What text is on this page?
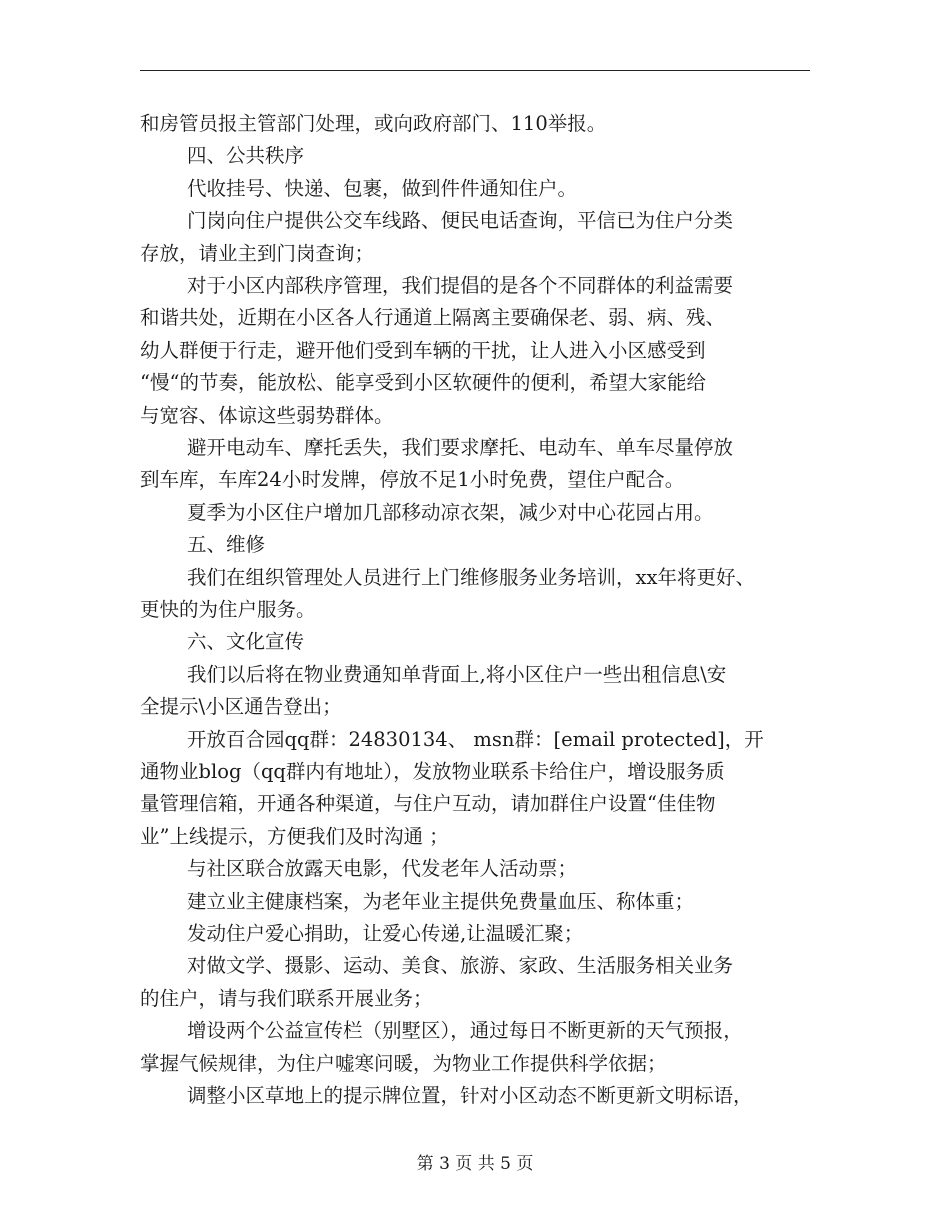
和房管员报主管部门处理，或向政府部门、110举报。
四、公共秩序
代收挂号、快递、包裹，做到件件通知住户。
门岗向住户提供公交车线路、便民电话查询，平信已为住户分类
存放，请业主到门岗查询；
对于小区内部秩序管理，我们提倡的是各个不同群体的利益需要
和谐共处，近期在小区各人行通道上隔离主要确保老、弱、病、残、
幼人群便于行走，避开他们受到车辆的干扰，让人进入小区感受到
“慢“的节奏，能放松、能享受到小区软硬件的便利，希望大家能给
与宽容、体谅这些弱势群体。
避开电动车、摩托丢失，我们要求摩托、电动车、单车尽量停放
到车库，车库24小时发牌，停放不足1小时免费，望住户配合。
夏季为小区住户增加几部移动凉衣架，减少对中心花园占用。
五、维修
我们在组织管理处人员进行上门维修服务业务培训，xx年将更好、
更快的为住户服务。
六、文化宣传
我们以后将在物业费通知单背面上,将小区住户一些出租信息\安
全提示\小区通告登出；
开放百合园qq群：24830134、 msn群：[email protected]，开
通物业blog（qq群内有地址），发放物业联系卡给住户，增设服务质
量管理信箱，开通各种渠道，与住户互动，请加群住户设置“佳佳物
业”上线提示，方便我们及时沟通 ；
与社区联合放露天电影，代发老年人活动票；
建立业主健康档案，为老年业主提供免费量血压、称体重；
发动住户爱心捐助，让爱心传递,让温暖汇聚；
对做文学、摄影、运动、美食、旅游、家政、生活服务相关业务
的住户，请与我们联系开展业务；
增设两个公益宣传栏（别墅区），通过每日不断更新的天气预报，
掌握气候规律，为住户嘘寒问暖，为物业工作提供科学依据；
调整小区草地上的提示牌位置，针对小区动态不断更新文明标语，
第 3 页 共 5 页
